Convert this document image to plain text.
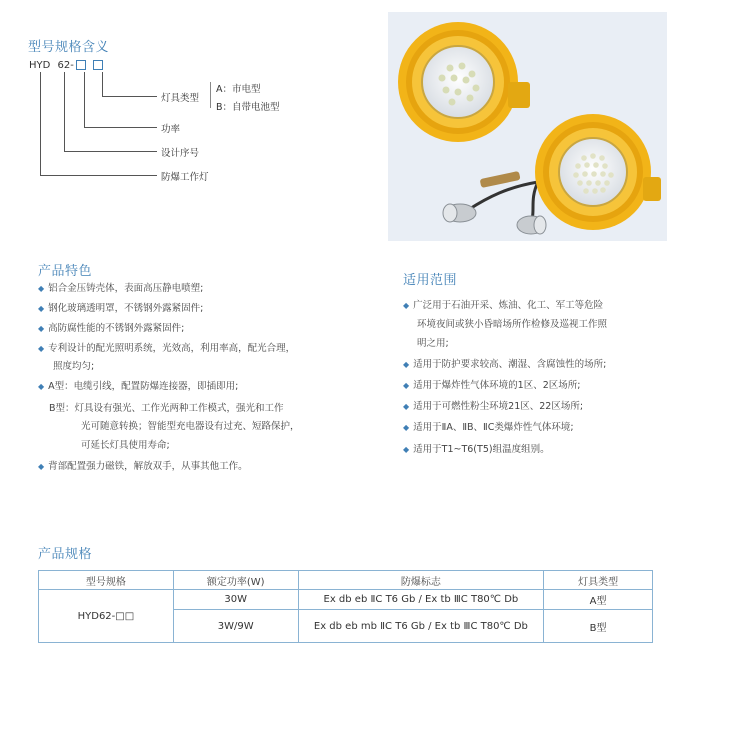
型号规格含义
HYD 62-
灯具类型
A：市电型
B：自带电池型
功率
设计序号
防爆工作灯
产品特色
◆ 铝合金压铸壳体，表面高压静电喷塑;
◆ 钢化玻璃透明罩，不锈钢外露紧固件;
◆ 高防腐性能的不锈钢外露紧固件;
◆ 专利设计的配光照明系统，光效高，利用率高，配光合理，
照度均匀;
◆ A型：电缆引线，配置防爆连接器，即插即用;
B型：灯具设有强光、工作光两种工作模式，强光和工作
光可随意转换；智能型充电器设有过充、短路保护，
可延长灯具使用寿命;
◆ 背部配置强力磁铁，解放双手，从事其他工作。
适用范围
◆ 广泛用于石油开采、炼油、化工、军工等危险
环境夜间或狭小昏暗场所作检修及巡视工作照
明之用;
◆ 适用于防护要求较高、潮湿、含腐蚀性的场所;
◆ 适用于爆炸性气体环境的1区、2区场所;
◆ 适用于可燃性粉尘环境21区、22区场所;
◆ 适用于ⅡA、ⅡB、ⅡC类爆炸性气体环境;
◆ 适用于T1~T6(T5)组温度组别。
产品规格
型号规格	额定功率(W)	防爆标志	灯具类型
HYD62-□□	30W	Ex db eb ⅡC T6 Gb / Ex tb ⅢC T80℃ Db	A型
	3W/9W	Ex db eb mb ⅡC T6 Gb / Ex tb ⅢC T80℃ Db	B型
